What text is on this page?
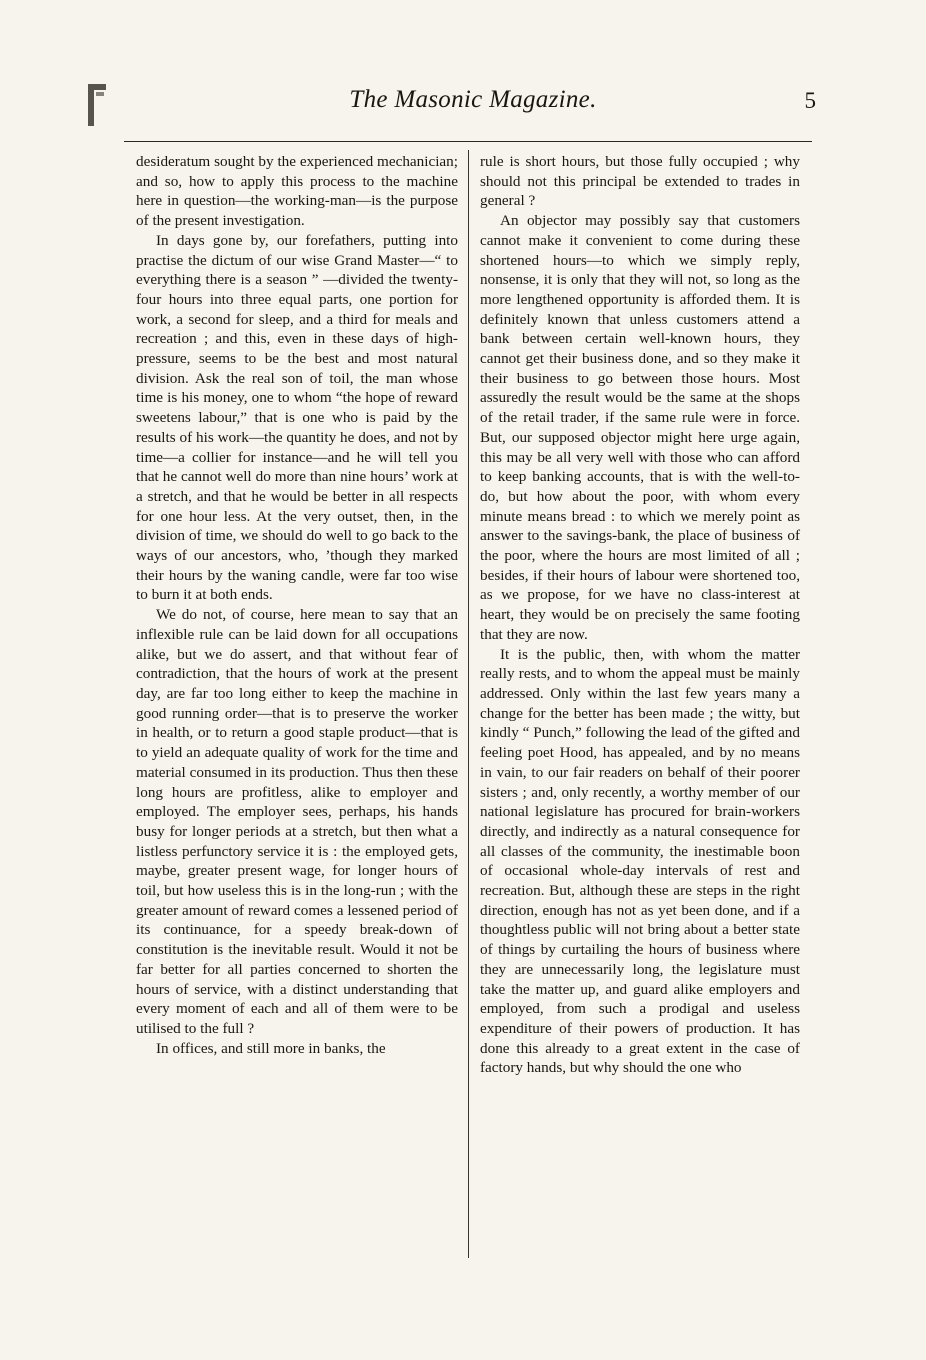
The Masonic Magazine.	5

desideratum sought by the experienced mechanician; and so, how to apply this process to the machine here in question—the working-man—is the purpose of the present investigation.

In days gone by, our forefathers, putting into practise the dictum of our wise Grand Master—“ to everything there is a season ” —divided the twenty-four hours into three equal parts, one portion for work, a second for sleep, and a third for meals and recreation ; and this, even in these days of high-pressure, seems to be the best and most natural division. Ask the real son of toil, the man whose time is his money, one to whom “the hope of reward sweetens labour,” that is one who is paid by the results of his work—the quantity he does, and not by time—a collier for instance—and he will tell you that he cannot well do more than nine hours’ work at a stretch, and that he would be better in all respects for one hour less. At the very outset, then, in the division of time, we should do well to go back to the ways of our ancestors, who, ’though they marked their hours by the waning candle, were far too wise to burn it at both ends.

We do not, of course, here mean to say that an inflexible rule can be laid down for all occupations alike, but we do assert, and that without fear of contradiction, that the hours of work at the present day, are far too long either to keep the machine in good running order—that is to preserve the worker in health, or to return a good staple product—that is to yield an adequate quality of work for the time and material consumed in its production. Thus then these long hours are profitless, alike to employer and employed. The employer sees, perhaps, his hands busy for longer periods at a stretch, but then what a listless perfunctory service it is : the employed gets, maybe, greater present wage, for longer hours of toil, but how useless this is in the long-run ; with the greater amount of reward comes a lessened period of its continuance, for a speedy break-down of constitution is the inevitable result. Would it not be far better for all parties concerned to shorten the hours of service, with a distinct understanding that every moment of each and all of them were to be utilised to the full ?

In offices, and still more in banks, the

rule is short hours, but those fully occupied ; why should not this principal be extended to trades in general ?

An objector may possibly say that customers cannot make it convenient to come during these shortened hours—to which we simply reply, nonsense, it is only that they will not, so long as the more lengthened opportunity is afforded them. It is definitely known that unless customers attend a bank between certain well-known hours, they cannot get their business done, and so they make it their business to go between those hours. Most assuredly the result would be the same at the shops of the retail trader, if the same rule were in force. But, our supposed objector might here urge again, this may be all very well with those who can afford to keep banking accounts, that is with the well-to-do, but how about the poor, with whom every minute means bread : to which we merely point as answer to the savings-bank, the place of business of the poor, where the hours are most limited of all ; besides, if their hours of labour were shortened too, as we propose, for we have no class-interest at heart, they would be on precisely the same footing that they are now.

It is the public, then, with whom the matter really rests, and to whom the appeal must be mainly addressed. Only within the last few years many a change for the better has been made ; the witty, but kindly “ Punch,” following the lead of the gifted and feeling poet Hood, has appealed, and by no means in vain, to our fair readers on behalf of their poorer sisters ; and, only recently, a worthy member of our national legislature has procured for brain-workers directly, and indirectly as a natural consequence for all classes of the community, the inestimable boon of occasional whole-day intervals of rest and recreation. But, although these are steps in the right direction, enough has not as yet been done, and if a thoughtless public will not bring about a better state of things by curtailing the hours of business where they are unnecessarily long, the legislature must take the matter up, and guard alike employers and employed, from such a prodigal and useless expenditure of their powers of production. It has done this already to a great extent in the case of factory hands, but why should the one who
